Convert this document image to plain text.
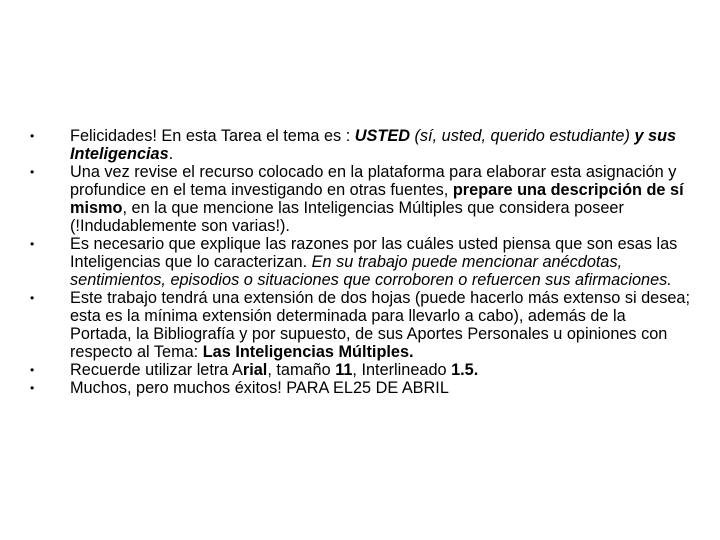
•	Felicidades! En esta Tarea el tema es : USTED (sí, usted, querido estudiante) y sus Inteligencias.
•	Una vez revise el recurso colocado en la plataforma para elaborar esta asignación y profundice en el tema investigando en otras fuentes, prepare una descripción de sí mismo, en la que mencione las Inteligencias Múltiples que considera poseer (!Indudablemente son varias!).
•	Es necesario que explique las razones por las cuáles usted piensa que son esas las Inteligencias que lo caracterizan. En su trabajo puede mencionar anécdotas, sentimientos, episodios o situaciones que corroboren o refuercen sus afirmaciones.
•	Este trabajo tendrá una extensión de dos hojas (puede hacerlo más extenso si desea; esta es la mínima extensión determinada para llevarlo a cabo), además de la Portada, la Bibliografía y por supuesto, de sus Aportes Personales u opiniones con respecto al Tema: Las Inteligencias Múltiples.
•	Recuerde utilizar letra Arial, tamaño 11, Interlineado 1.5.
•	Muchos, pero muchos éxitos! PARA EL25 DE ABRIL
